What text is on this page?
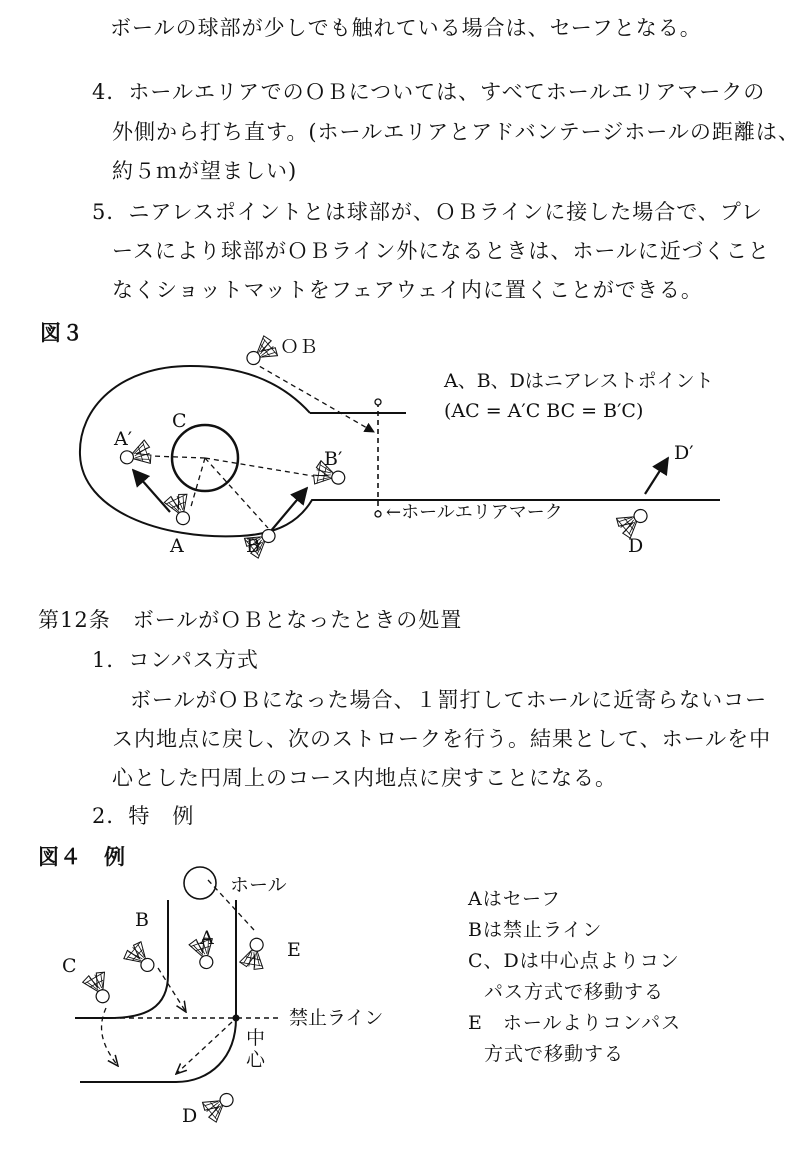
ボールの球部が少しでも触れている場合は、セーフとなる。
4．ホールエリアでのＯＢについては、すべてホールエリアマークの
外側から打ち直す。(ホールエリアとアドバンテージホールの距離は、
約５ｍが望ましい)
5．ニアレスポイントとは球部が、ＯＢラインに接した場合で、プレ
ースにより球部がＯＢライン外になるときは、ホールに近づくこと
なくショットマットをフェアウェイ内に置くことができる。
図３
第12条　ボールがＯＢとなったときの処置
1．コンパス方式
ボールがＯＢになった場合、１罰打してホールに近寄らないコー
ス内地点に戻し、次のストロークを行う。結果として、ホールを中
心とした円周上のコース内地点に戻すことになる。
2．特　例
図４　例
Aはセーフ
Bは禁止ライン
C、Dは中心点よりコン
パス方式で移動する
E　ホールよりコンパス
方式で移動する
ＯＢ
A、B、Dはニアレストポイント
(AC = A′C BC = B′C)
C
A′
B′
A	B	D
D′
←ホールエリアマーク
ホール
B
A
E
C
D
禁止ライン
中
心
